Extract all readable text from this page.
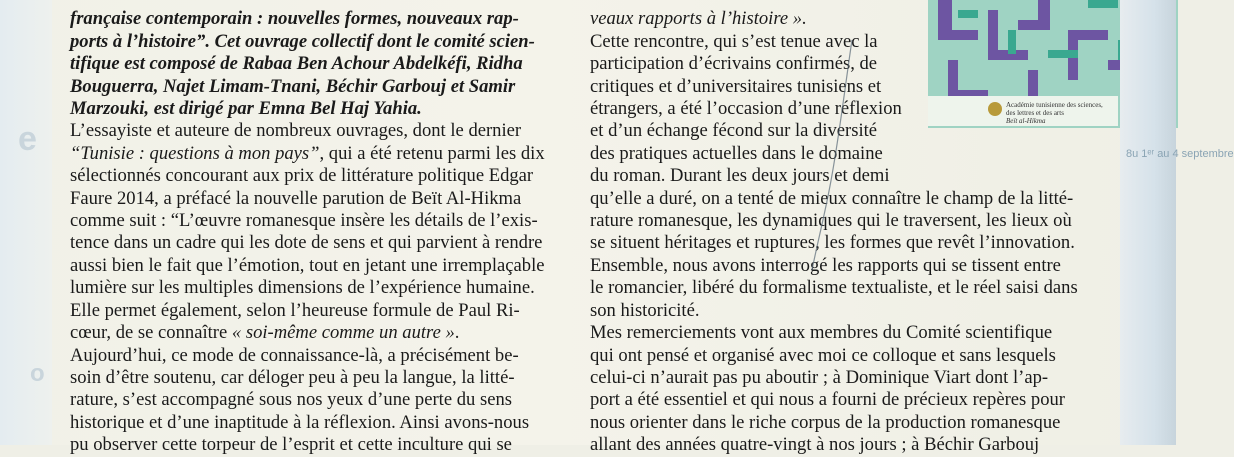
e
o

française contemporain : nouvelles formes, nouveaux rap-
ports à l’histoire”. Cet ouvrage collectif dont le comité scien-
tifique est composé de Rabaa Ben Achour Abdelkéfi, Ridha
Bouguerra, Najet Limam-Tnani, Béchir Garbouj et Samir
Marzouki, est dirigé par Emna Bel Haj Yahia.

L’essayiste et auteure de nombreux ouvrages, dont le dernier
“Tunisie : questions à mon pays”, qui a été retenu parmi les dix
sélectionnés concourant aux prix de littérature politique Edgar
Faure 2014, a préfacé la nouvelle parution de Beït Al-Hikma
comme suit : “L’œuvre romanesque insère les détails de l’exis-
tence dans un cadre qui les dote de sens et qui parvient à rendre
aussi bien le fait que l’émotion, tout en jetant une irremplaçable
lumière sur les multiples dimensions de l’expérience humaine.
Elle permet également, selon l’heureuse formule de Paul Ri-
cœur, de se connaître « soi-même comme un autre ».

Aujourd’hui, ce mode de connaissance-là, a précisément be-
soin d’être soutenu, car déloger peu à peu la langue, la litté-
rature, s’est accompagné sous nos yeux d’une perte du sens
historique et d’une inaptitude à la réflexion. Ainsi avons-nous
pu observer cette torpeur de l’esprit et cette inculture qui se

veaux rapports à l’histoire ».
Cette rencontre, qui s’est tenue avec la
participation d’écrivains confirmés, de
critiques et d’universitaires tunisiens et
étrangers, a été l’occasion d’une réflexion
et d’un échange fécond sur la diversité
des pratiques actuelles dans le domaine
du roman. Durant les deux jours et demi

qu’elle a duré, on a tenté de mieux connaître le champ de la litté-
rature romanesque, les dynamiques qui le traversent, les lieux où
se situent héritages et ruptures, les formes que revêt l’innovation.
Ensemble, nous avons interrogé les rapports qui se tissent entre
le romancier, libéré du formalisme textualiste, et le réel saisi dans
son historicité.

Mes remerciements vont aux membres du Comité scientifique
qui ont pensé et organisé avec moi ce colloque et sans lesquels
celui-ci n’aurait pas pu aboutir ; à Dominique Viart dont l’ap-
port a été essentiel et qui nous a fourni de précieux repères pour
nous orienter dans le riche corpus de la production romanesque
allant des années quatre-vingt à nos jours ; à Béchir Garbouj

Académie tunisienne des sciences,
des lettres et des arts
Beït al-Hikma
8u 1ᵉʳ au 4 septembre
